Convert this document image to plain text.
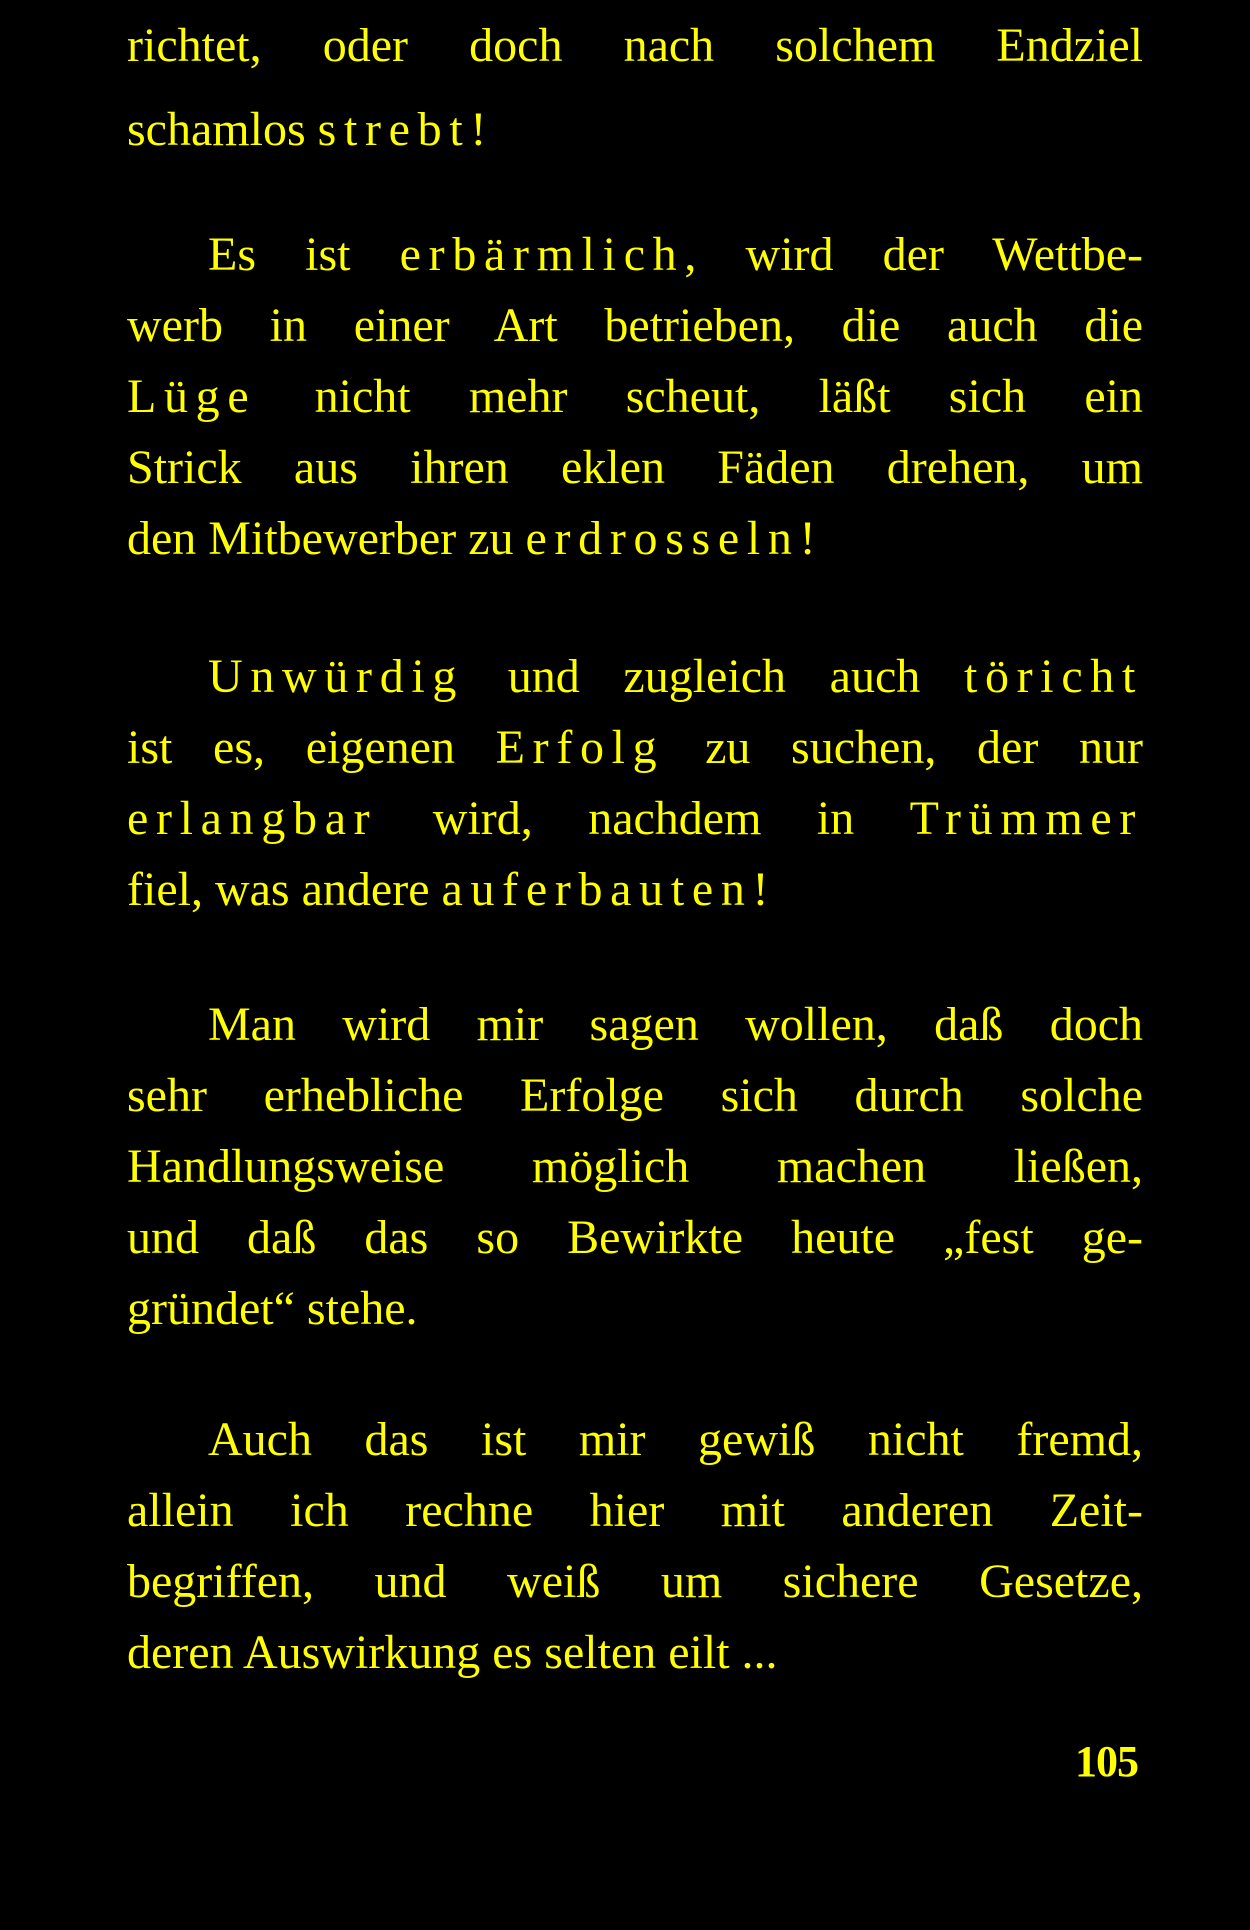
richtet, oder doch nach solchem Endziel
schamlos strebt!
Es ist erbärmlich, wird der Wettbe-
werb in einer Art betrieben, die auch die
Lüge nicht mehr scheut, läßt sich ein
Strick aus ihren eklen Fäden drehen, um
den Mitbewerber zu erdrosseln!
Unwürdig und zugleich auch töricht
ist es, eigenen Erfolg zu suchen, der nur
erlangbar wird, nachdem in Trümmer
fiel, was andere auferbauten!
Man wird mir sagen wollen, daß doch
sehr erhebliche Erfolge sich durch solche
Handlungsweise möglich machen ließen,
und daß das so Bewirkte heute „fest ge-
gründet“ stehe.
Auch das ist mir gewiß nicht fremd,
allein ich rechne hier mit anderen Zeit-
begriffen, und weiß um sichere Gesetze,
deren Auswirkung es selten eilt ...
105
